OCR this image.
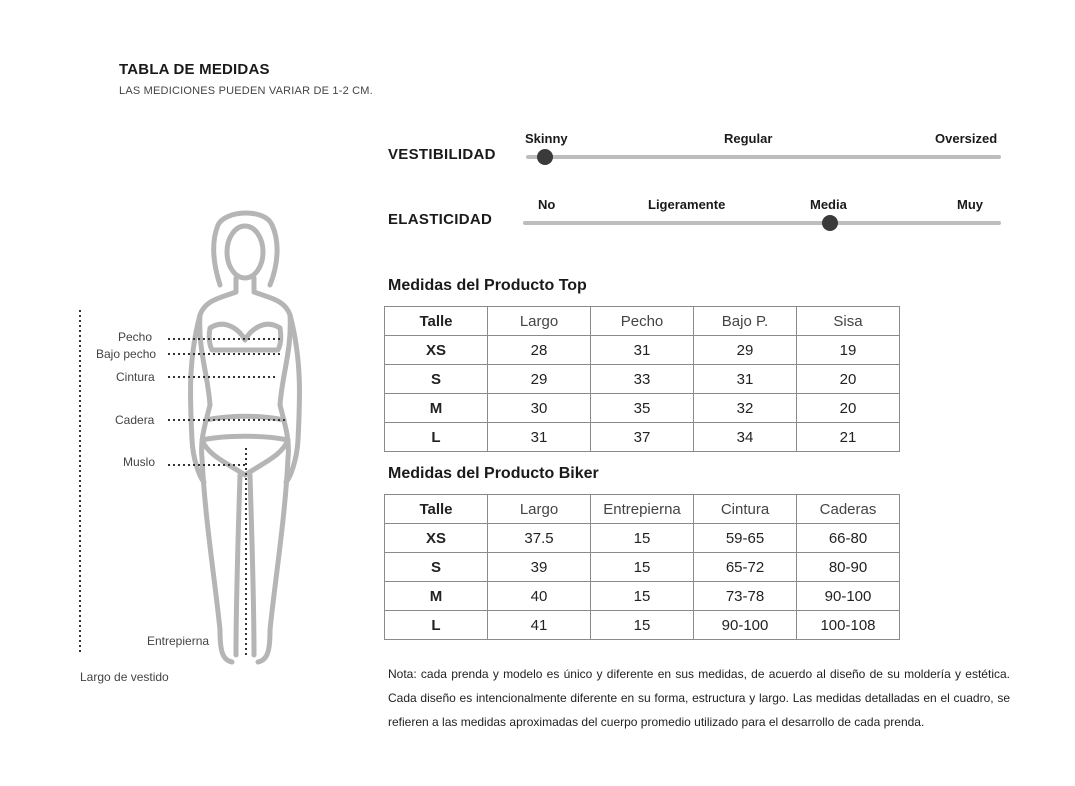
TABLA DE MEDIDAS
LAS MEDICIONES PUEDEN VARIAR DE 1-2 CM.
VESTIBILIDAD
Skinny	Regular	Oversized
ELASTICIDAD
No	Ligeramente	Media	Muy
Medidas del Producto Top
Talle	Largo	Pecho	Bajo P.	Sisa
XS	28	31	29	19
S	29	33	31	20
M	30	35	32	20
L	31	37	34	21
Medidas del Producto Biker
Talle	Largo	Entrepierna	Cintura	Caderas
XS	37.5	15	59-65	66-80
S	39	15	65-72	80-90
M	40	15	73-78	90-100
L	41	15	90-100	100-108
Pecho
Bajo pecho
Cintura
Cadera
Muslo
Entrepierna
Largo de vestido	Nota: cada prenda y modelo es único y diferente en sus medidas, de acuerdo al diseño de su moldería y estética. Cada diseño es intencionalmente diferente en su forma, estructura y largo. Las medidas detalladas en el cuadro, se refieren a las medidas aproximadas del cuerpo promedio utilizado para el desarrollo de cada prenda.
